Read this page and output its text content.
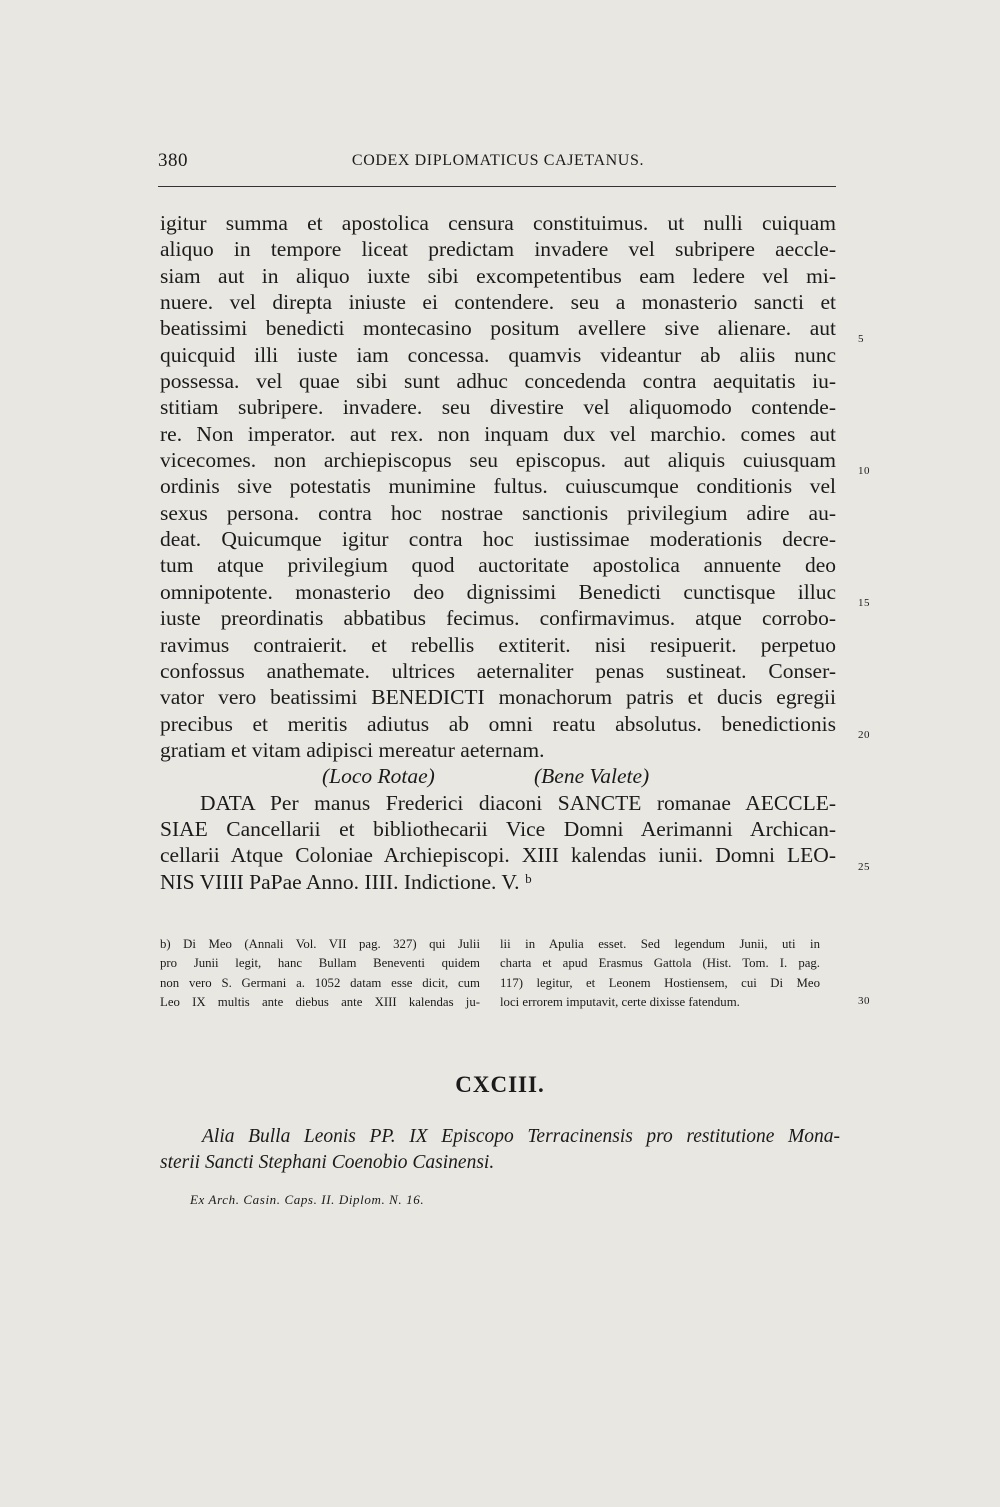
380	CODEX DIPLOMATICUS CAJETANUS.
igitur summa et apostolica censura constituimus. ut nulli cuiquam
aliquo in tempore liceat predictam invadere vel subripere aeccle-
siam aut in aliquo iuxte sibi excompetentibus eam ledere vel mi-
nuere. vel direpta iniuste ei contendere. seu a monasterio sancti et
beatissimi benedicti montecasino positum avellere sive alienare. aut
quicquid illi iuste iam concessa. quamvis videantur ab aliis nunc
possessa. vel quae sibi sunt adhuc concedenda contra aequitatis iu-
stitiam subripere. invadere. seu divestire vel aliquomodo contende-
re. Non imperator. aut rex. non inquam dux vel marchio. comes aut
vicecomes. non archiepiscopus seu episcopus. aut aliquis cuiusquam
ordinis sive potestatis munimine fultus. cuiuscumque conditionis vel
sexus persona. contra hoc nostrae sanctionis privilegium adire au-
deat. Quicumque igitur contra hoc iustissimae moderationis decre-
tum atque privilegium quod auctoritate apostolica annuente deo
omnipotente. monasterio deo dignissimi Benedicti cunctisque illuc
iuste preordinatis abbatibus fecimus. confirmavimus. atque corrobo-
ravimus contraierit. et rebellis extiterit. nisi resipuerit. perpetuo
confossus anathemate. ultrices aeternaliter penas sustineat. Conser-
vator vero beatissimi BENEDICTI monachorum patris et ducis egregii
precibus et meritis adiutus ab omni reatu absolutus. benedictionis
gratiam et vitam adipisci mereatur aeternam.
(Loco Rotae)	(Bene Valete)
DATA Per manus Frederici diaconi SANCTE romanae AECCLE-
SIAE Cancellarii et bibliothecarii Vice Domni Aerimanni Archican-
cellarii Atque Coloniae Archiepiscopi. XIII kalendas iunii. Domni LEO-
NIS VIIII PaPae Anno. IIII. Indictione. V. ᵇ
5
10
15
20
25
30
b) Di Meo (Annali Vol. VII pag. 327) qui Julii
pro Junii legit, hanc Bullam Beneventi quidem
non vero S. Germani a. 1052 datam esse dicit, cum
Leo IX multis ante diebus ante XIII kalendas ju-
lii in Apulia esset. Sed legendum Junii, uti in
charta et apud Erasmus Gattola (Hist. Tom. I. pag.
117) legitur, et Leonem Hostiensem, cui Di Meo
loci errorem imputavit, certe dixisse fatendum.
CXCIII.
Alia Bulla Leonis PP. IX Episcopo Terracinensis pro restitutione Mona-
sterii Sancti Stephani Coenobio Casinensi.
Ex Arch. Casin. Caps. II. Diplom. N. 16.
